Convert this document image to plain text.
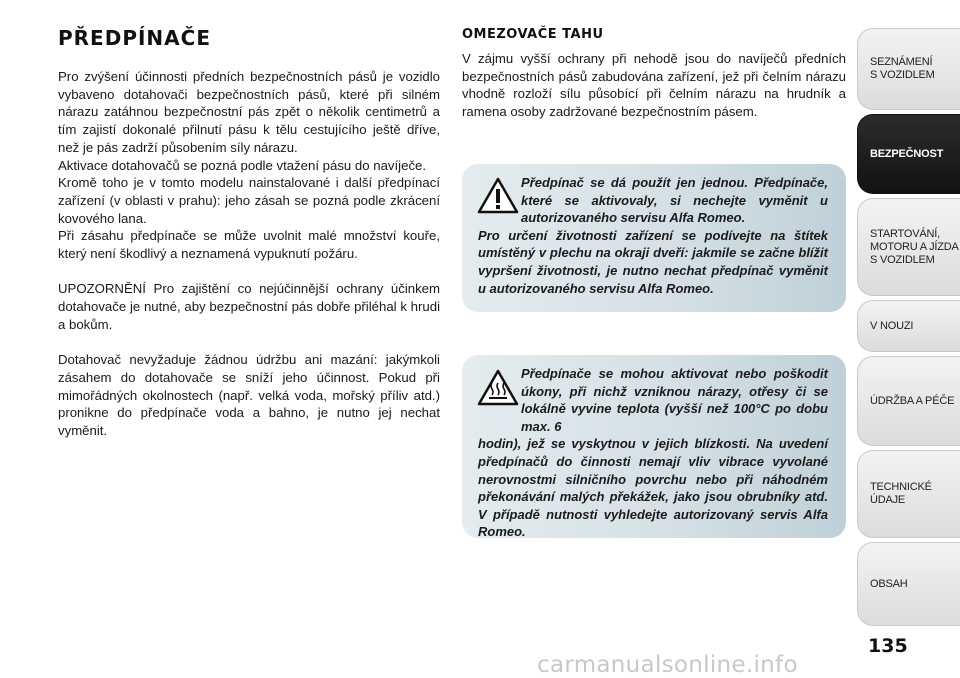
PŘEDPÍNAČE

Pro zvýšení účinnosti předních bezpečnostních pásů je vozidlo vybaveno dotahovači bezpečnostních pásů, které při silném nárazu zatáhnou bezpečnostní pás zpět o několik centimetrů a tím zajistí dokonalé přilnutí pásu k tělu cestujícího ještě dříve, než je pás zadrží působením síly nárazu.

Aktivace dotahovačů se pozná podle vtažení pásu do navíječe.

Kromě toho je v tomto modelu nainstalované i další předpínací zařízení (v oblasti v prahu): jeho zásah se pozná podle zkrácení kovového lana.

Při zásahu předpínače se může uvolnit malé množství kouře, který není škodlivý a neznamená vypuknutí požáru.

UPOZORNĚNÍ Pro zajištění co nejúčinnější ochrany účinkem dotahovače je nutné, aby bezpečnostní pás dobře přiléhal k hrudi a bokům.

Dotahovač nevyžaduje žádnou údržbu ani mazání: jakýmkoli zásahem do dotahovače se sníží jeho účinnost. Pokud při mimořádných okolnostech (např. velká voda, mořský příliv atd.) pronikne do předpínače voda a bahno, je nutno jej nechat vyměnit.

OMEZOVAČE TAHU

V zájmu vyšší ochrany při nehodě jsou do navíječů předních bezpečnostních pásů zabudována zařízení, jež při čelním nárazu vhodně rozloží sílu působící při čelním nárazu na hrudník a ramena osoby zadržované bezpečnostním pásem.

Předpínač se dá použít jen jednou. Předpínače, které se aktivovaly, si nechejte vyměnit u autorizovaného servisu Alfa Romeo.
Pro určení životnosti zařízení se podívejte na štítek umístěný v plechu na okraji dveří: jakmile se začne blížit vypršení životnosti, je nutno nechat předpínač vyměnit u autorizovaného servisu Alfa Romeo.
Předpínače se mohou aktivovat nebo poškodit úkony, při nichž vzniknou nárazy, otřesy či se lokálně vyvine teplota (vyšší než 100°C po dobu max. 6
hodin), jež se vyskytnou v jejich blízkosti. Na uvedení předpínačů do činnosti nemají vliv vibrace vyvolané nerovnostmi silničního povrchu nebo při náhodném překonávání malých překážek, jako jsou obrubníky atd. V případě nutnosti vyhledejte autorizovaný servis Alfa Romeo.
SEZNÁMENÍ
S VOZIDLEM
BEZPEČNOST
STARTOVÁNÍ,
MOTORU A JÍZDA
S VOZIDLEM
V NOUZI
ÚDRŽBA A PÉČE
TECHNICKÉ
ÚDAJE
OBSAH
135
carmanualsonline.info
